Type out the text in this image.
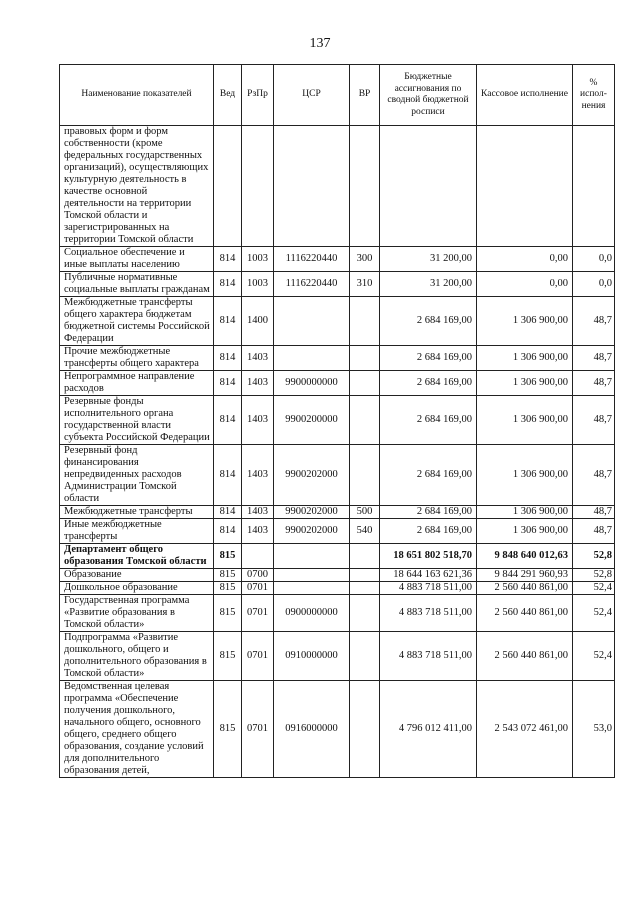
137
Наименование показателей	Вед	РзПр	ЦСР	ВР	Бюджетные ассигнования по сводной бюджетной росписи	Кассовое исполнение	% испол-нения
правовых форм и форм собственности (кроме федеральных государственных организаций), осуществляющих культурную деятельность в качестве основной деятельности на территории Томской области и зарегистрированных на территории Томской области							
Социальное обеспечение и иные выплаты населению	814	1003	1116220440	300	31 200,00	0,00	0,0
Публичные нормативные социальные выплаты гражданам	814	1003	1116220440	310	31 200,00	0,00	0,0
Межбюджетные трансферты общего характера бюджетам бюджетной системы Российской Федерации	814	1400			2 684 169,00	1 306 900,00	48,7
Прочие межбюджетные трансферты общего характера	814	1403			2 684 169,00	1 306 900,00	48,7
Непрограммное направление расходов	814	1403	9900000000		2 684 169,00	1 306 900,00	48,7
Резервные фонды исполнительного органа государственной власти субъекта Российской Федерации	814	1403	9900200000		2 684 169,00	1 306 900,00	48,7
Резервный фонд финансирования непредвиденных расходов Администрации Томской области	814	1403	9900202000		2 684 169,00	1 306 900,00	48,7
Межбюджетные трансферты	814	1403	9900202000	500	2 684 169,00	1 306 900,00	48,7
Иные межбюджетные трансферты	814	1403	9900202000	540	2 684 169,00	1 306 900,00	48,7
Департамент общего образования Томской области	815				18 651 802 518,70	9 848 640 012,63	52,8
Образование	815	0700			18 644 163 621,36	9 844 291 960,93	52,8
Дошкольное образование	815	0701			4 883 718 511,00	2 560 440 861,00	52,4
Государственная программа «Развитие образования в Томской области»	815	0701	0900000000		4 883 718 511,00	2 560 440 861,00	52,4
Подпрограмма «Развитие дошкольного, общего и дополнительного образования в Томской области»	815	0701	0910000000		4 883 718 511,00	2 560 440 861,00	52,4
Ведомственная целевая программа «Обеспечение получения дошкольного, начального общего, основного общего, среднего общего образования, создание условий для дополнительного образования детей,	815	0701	0916000000		4 796 012 411,00	2 543 072 461,00	53,0
